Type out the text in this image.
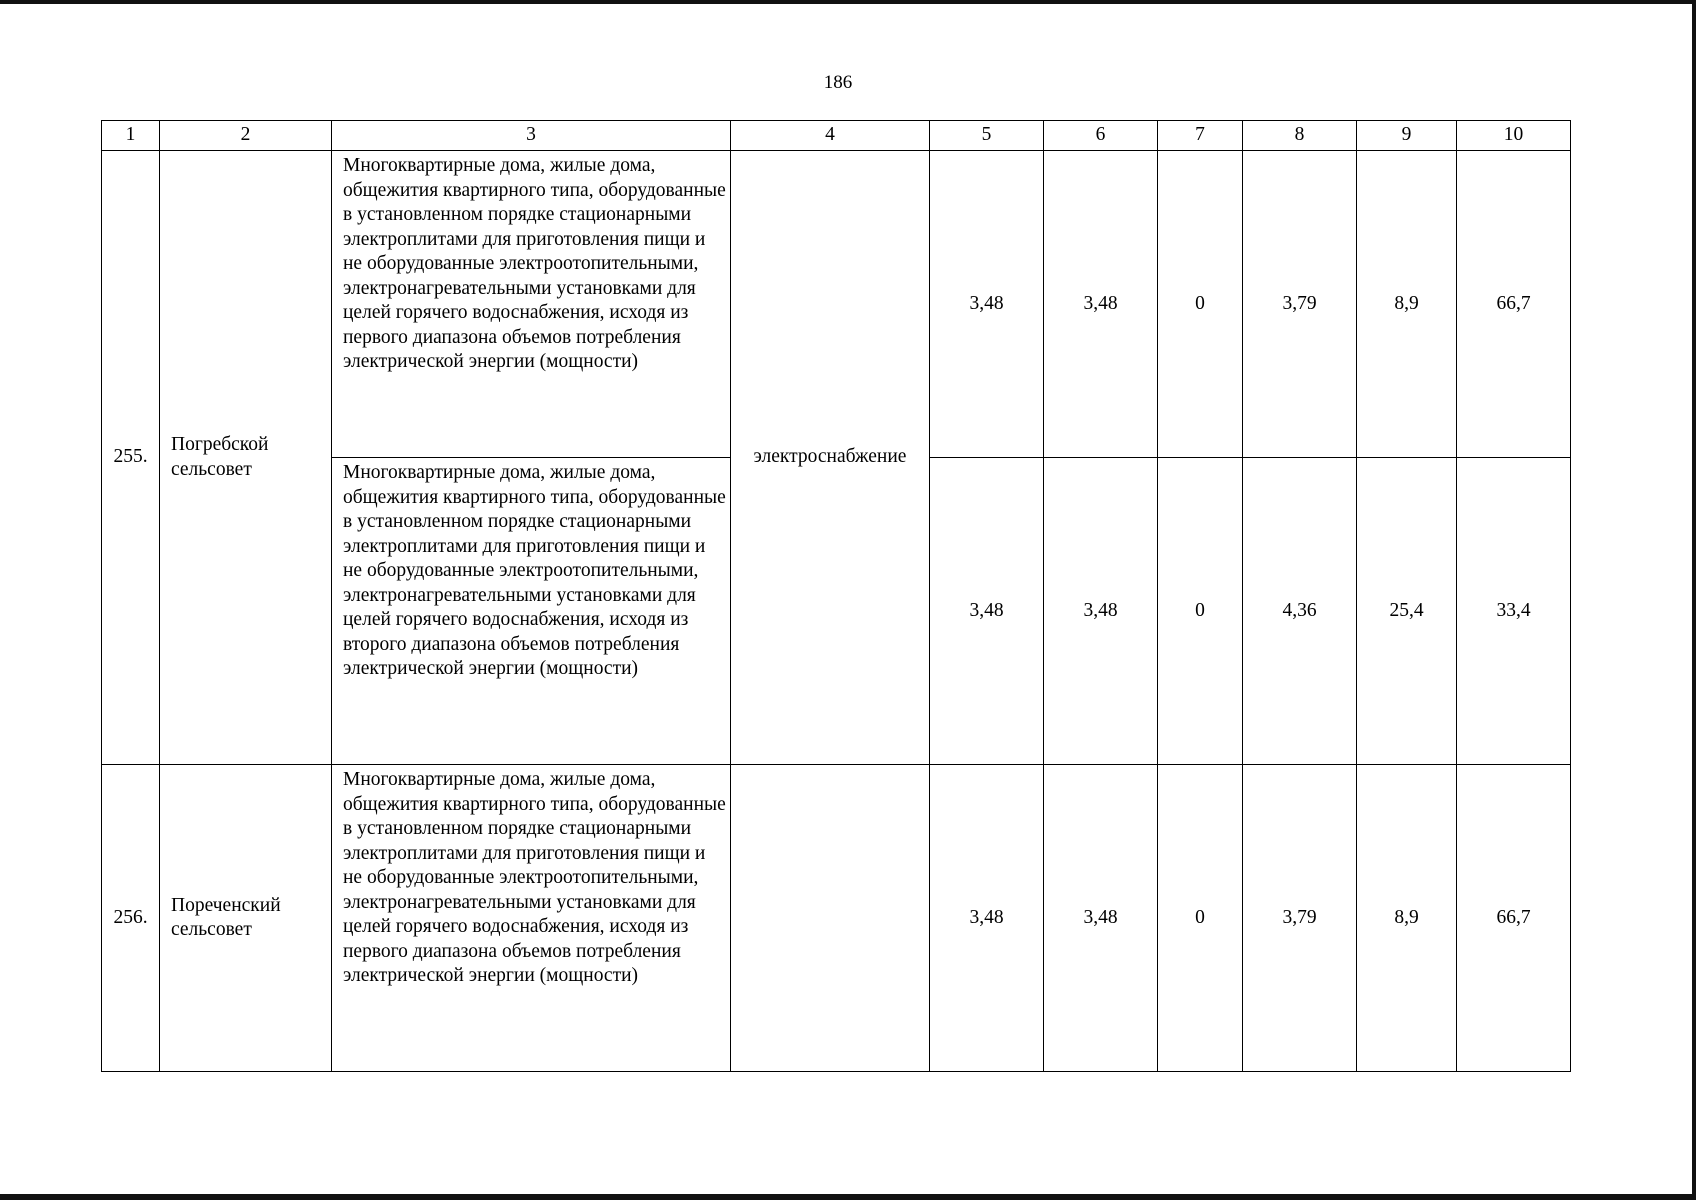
186
1	2	3	4	5	6	7	8	9	10
255.	Погребской сельсовет	Многоквартирные дома, жилые дома, общежития квартирного типа, оборудованные в установленном порядке стационарными электроплитами для приготовления пищи и не оборудованные электроотопительными, электронагревательными установками для целей горячего водоснабжения, исходя из первого диапазона объемов потребления электрической энергии (мощности)	электроснабжение	3,48	3,48	0	3,79	8,9	66,7
		Многоквартирные дома, жилые дома, общежития квартирного типа, оборудованные в установленном порядке стационарными электроплитами для приготовления пищи и не оборудованные электроотопительными, электронагревательными установками для целей горячего водоснабжения, исходя из второго диапазона объемов потребления электрической энергии (мощности)		3,48	3,48	0	4,36	25,4	33,4
256.	Пореченский сельсовет	Многоквартирные дома, жилые дома, общежития квартирного типа, оборудованные в установленном порядке стационарными электроплитами для приготовления пищи и не оборудованные электроотопительными, электронагревательными установками для целей горячего водоснабжения, исходя из первого диапазона объемов потребления электрической энергии (мощности)		3,48	3,48	0	3,79	8,9	66,7
